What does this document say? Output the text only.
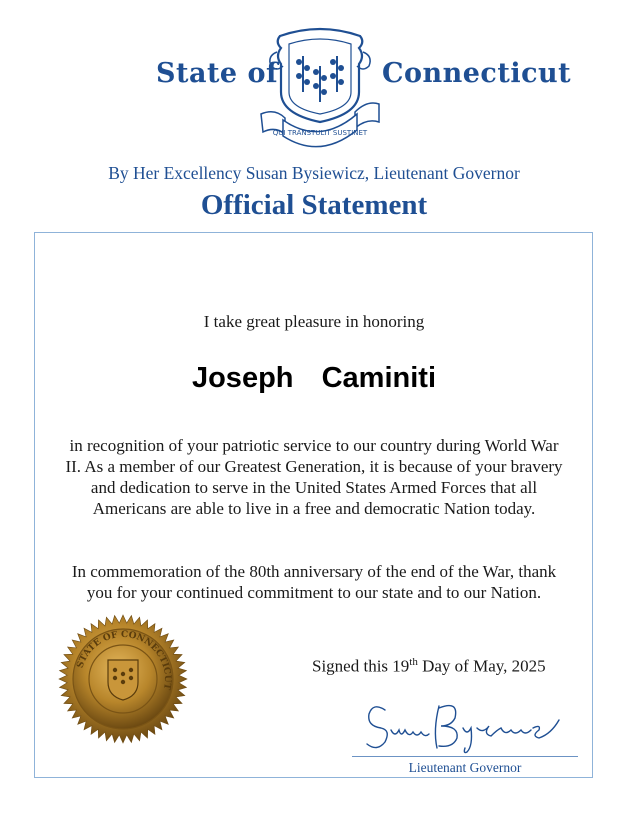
State of
QUI TRANSTULIT SUSTINET
Connecticut
By Her Excellency Susan Bysiewicz, Lieutenant Governor
Official Statement
I take great pleasure in honoring
Joseph  Caminiti

in recognition of your patriotic service to our country during World War II. As a member of our Greatest Generation, it is because of your bravery and dedication to serve in the United States Armed Forces that all Americans are able to live in a free and democratic Nation today.

In commemoration of the 80th anniversary of the end of the War, thank you for your continued commitment to our state and to our Nation.

STATE OF CONNECTICUT
Signed this 19th Day of May, 2025
Lieutenant Governor
